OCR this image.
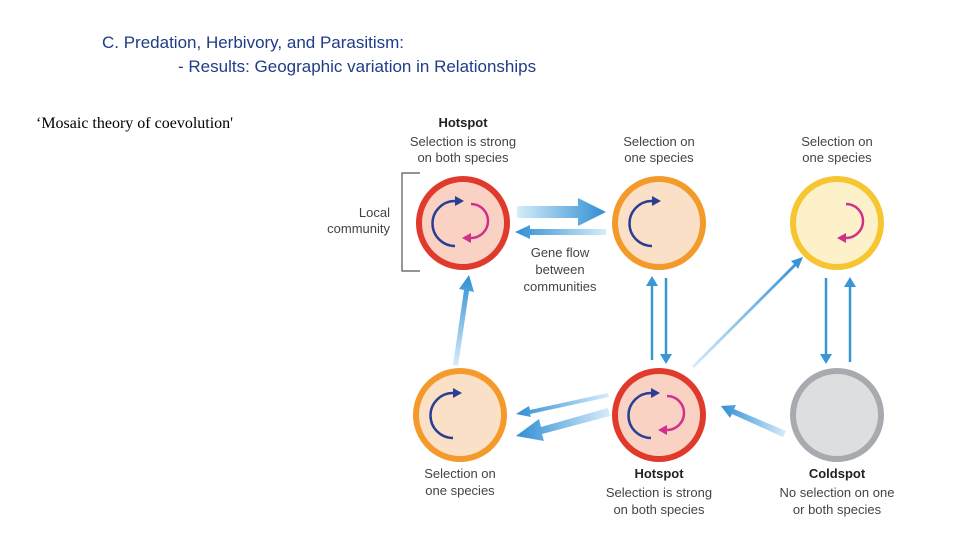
C. Predation, Herbivory, and Parasitism:
- Results: Geographic variation in Relationships
‘Mosaic theory of coevolution'
Local
community
Hotspot
Selection is strong
on both species
Selection on
one species
Selection on
one species
Gene flow
between
communities
Selection on
one species
Hotspot
Selection is strong
on both species
Coldspot
No selection on one
or both species
